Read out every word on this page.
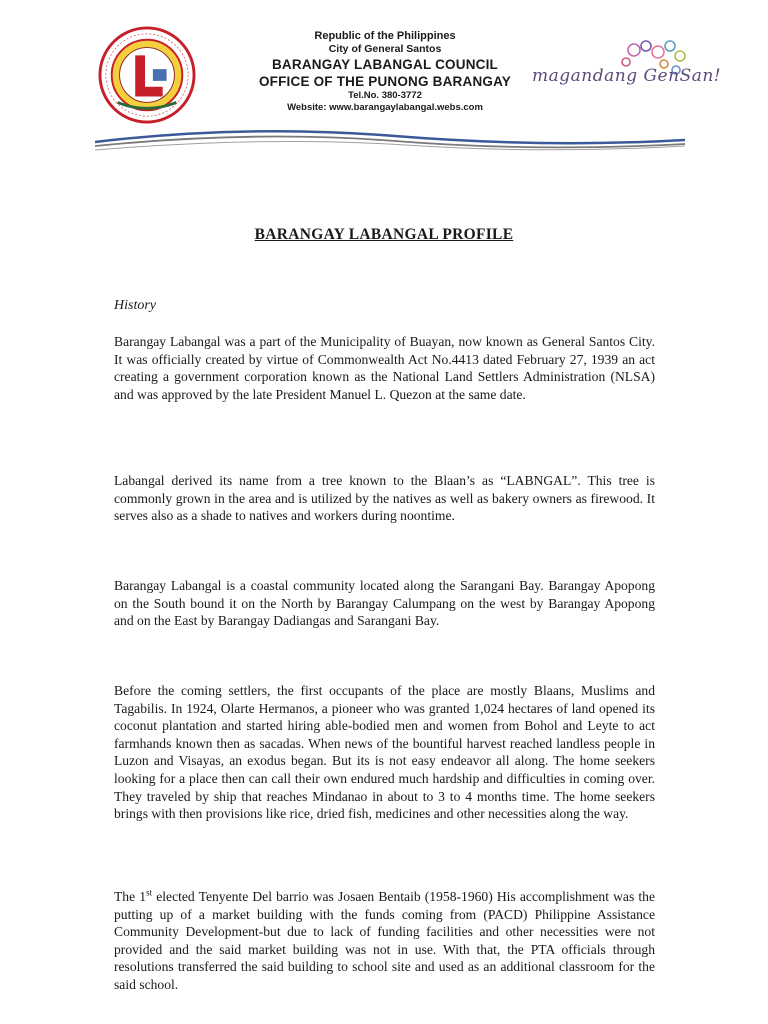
Republic of the Philippines
City of General Santos
BARANGAY LABANGAL COUNCIL
OFFICE OF THE PUNONG BARANGAY
Tel.No. 380-3772
Website: www.barangaylabangal.webs.com
magandang GenSan!
BARANGAY LABANGAL PROFILE
History

Barangay Labangal was a part of the Municipality of Buayan, now known as General Santos City. It was officially created by virtue of Commonwealth Act No.4413 dated February 27, 1939 an act creating a government corporation known as the National Land Settlers Administration (NLSA) and was approved by the late President Manuel L. Quezon at the same date.

Labangal derived its name from a tree known to the Blaan’s as “LABNGAL”. This tree is commonly grown in the area and is utilized by the natives as well as bakery owners as firewood. It serves also as a shade to natives and workers during noontime.

Barangay Labangal is a coastal community located along the Sarangani Bay. Barangay Apopong on the South bound it on the North by Barangay Calumpang on the west by Barangay Apopong and on the East by Barangay Dadiangas and Sarangani Bay.

Before the coming settlers, the first occupants of the place are mostly Blaans, Muslims and Tagabilis. In 1924, Olarte Hermanos, a pioneer who was granted 1,024 hectares of land opened its coconut plantation and started hiring able-bodied men and women from Bohol and Leyte to act farmhands known then as sacadas. When news of the bountiful harvest reached landless people in Luzon and Visayas, an exodus began. But its is not easy endeavor all along. The home seekers looking for a place then can call their own endured much hardship and difficulties in coming over. They traveled by ship that reaches Mindanao in about to 3 to 4 months time. The home seekers brings with then provisions like rice, dried fish, medicines and other necessities along the way.

The 1st elected Tenyente Del barrio was Josaen Bentaib (1958-1960) His accomplishment was the putting up of a market building with the funds coming from (PACD) Philippine Assistance Community Development-but due to lack of funding facilities and other necessities were not provided and the said market building was not in use. With that, the PTA officials through resolutions transferred the said building to school site and used as an additional classroom for the said school.
